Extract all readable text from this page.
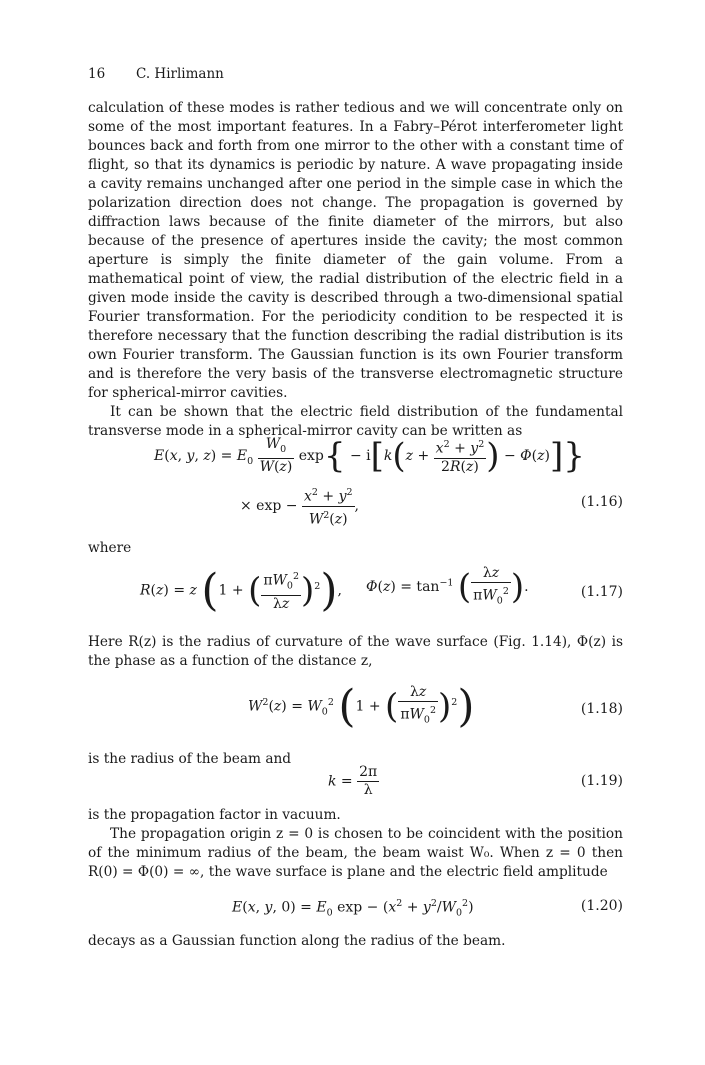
16 C. Hirlimann

calculation of these modes is rather tedious and we will concentrate only on some of the most important features. In a Fabry–Pérot interferometer light bounces back and forth from one mirror to the other with a constant time of flight, so that its dynamics is periodic by nature. A wave propagating inside a cavity remains unchanged after one period in the simple case in which the polarization direction does not change. The propagation is governed by diffraction laws because of the finite diameter of the mirrors, but also because of the presence of apertures inside the cavity; the most common aperture is simply the finite diameter of the gain volume. From a mathematical point of view, the radial distribution of the electric field in a given mode inside the cavity is described through a two-dimensional spatial Fourier transformation. For the periodicity condition to be respected it is therefore necessary that the function describing the radial distribution is its own Fourier transform. The Gaussian function is its own Fourier transform and is therefore the very basis of the transverse electromagnetic structure for spherical-mirror cavities.

It can be shown that the electric field distribution of the fundamental transverse mode in a spherical-mirror cavity can be written as

E(x, y, $z) = E_0 \frac{W_0}{W(z)} \exp\{ - i[k(z + \frac{x^2 + y^2}{2R(z)}$ ) − Φ(z)]}
× $\exp - \frac{x^2 + y^2}{W^2(z)}$ ,	(1.16)

where

R(z) = z (1 + ( $\frac{\pi W_0^2}{\lambda z} )^2$), $\Phi(z) = \tan^{-1}$ ( $\frac{\lambda z}{\pi W_0^2}$ ).	(1.17)

Here R(z) is the radius of curvature of the wave surface (Fig. 1.14), Φ(z) is the phase as a function of the distance z,

$W^2(z) = W_0^2$ (1 + ( $\frac{\lambda z}{\pi W_0^2} )^2$)	(1.18)

is the radius of the beam and

$k = \frac{2\pi}{\lambda}$	(1.19)

is the propagation factor in vacuum.

The propagation origin z = 0 is chosen to be coincident with the position of the minimum radius of the beam, the beam waist W₀. When z = 0 then R(0) = Φ(0) = ∞, the wave surface is plane and the electric field amplitude

E(x, y, $0) = E_0$ $\exp - (x^2 + y^2/W_0^2)$	(1.20)

decays as a Gaussian function along the radius of the beam.
